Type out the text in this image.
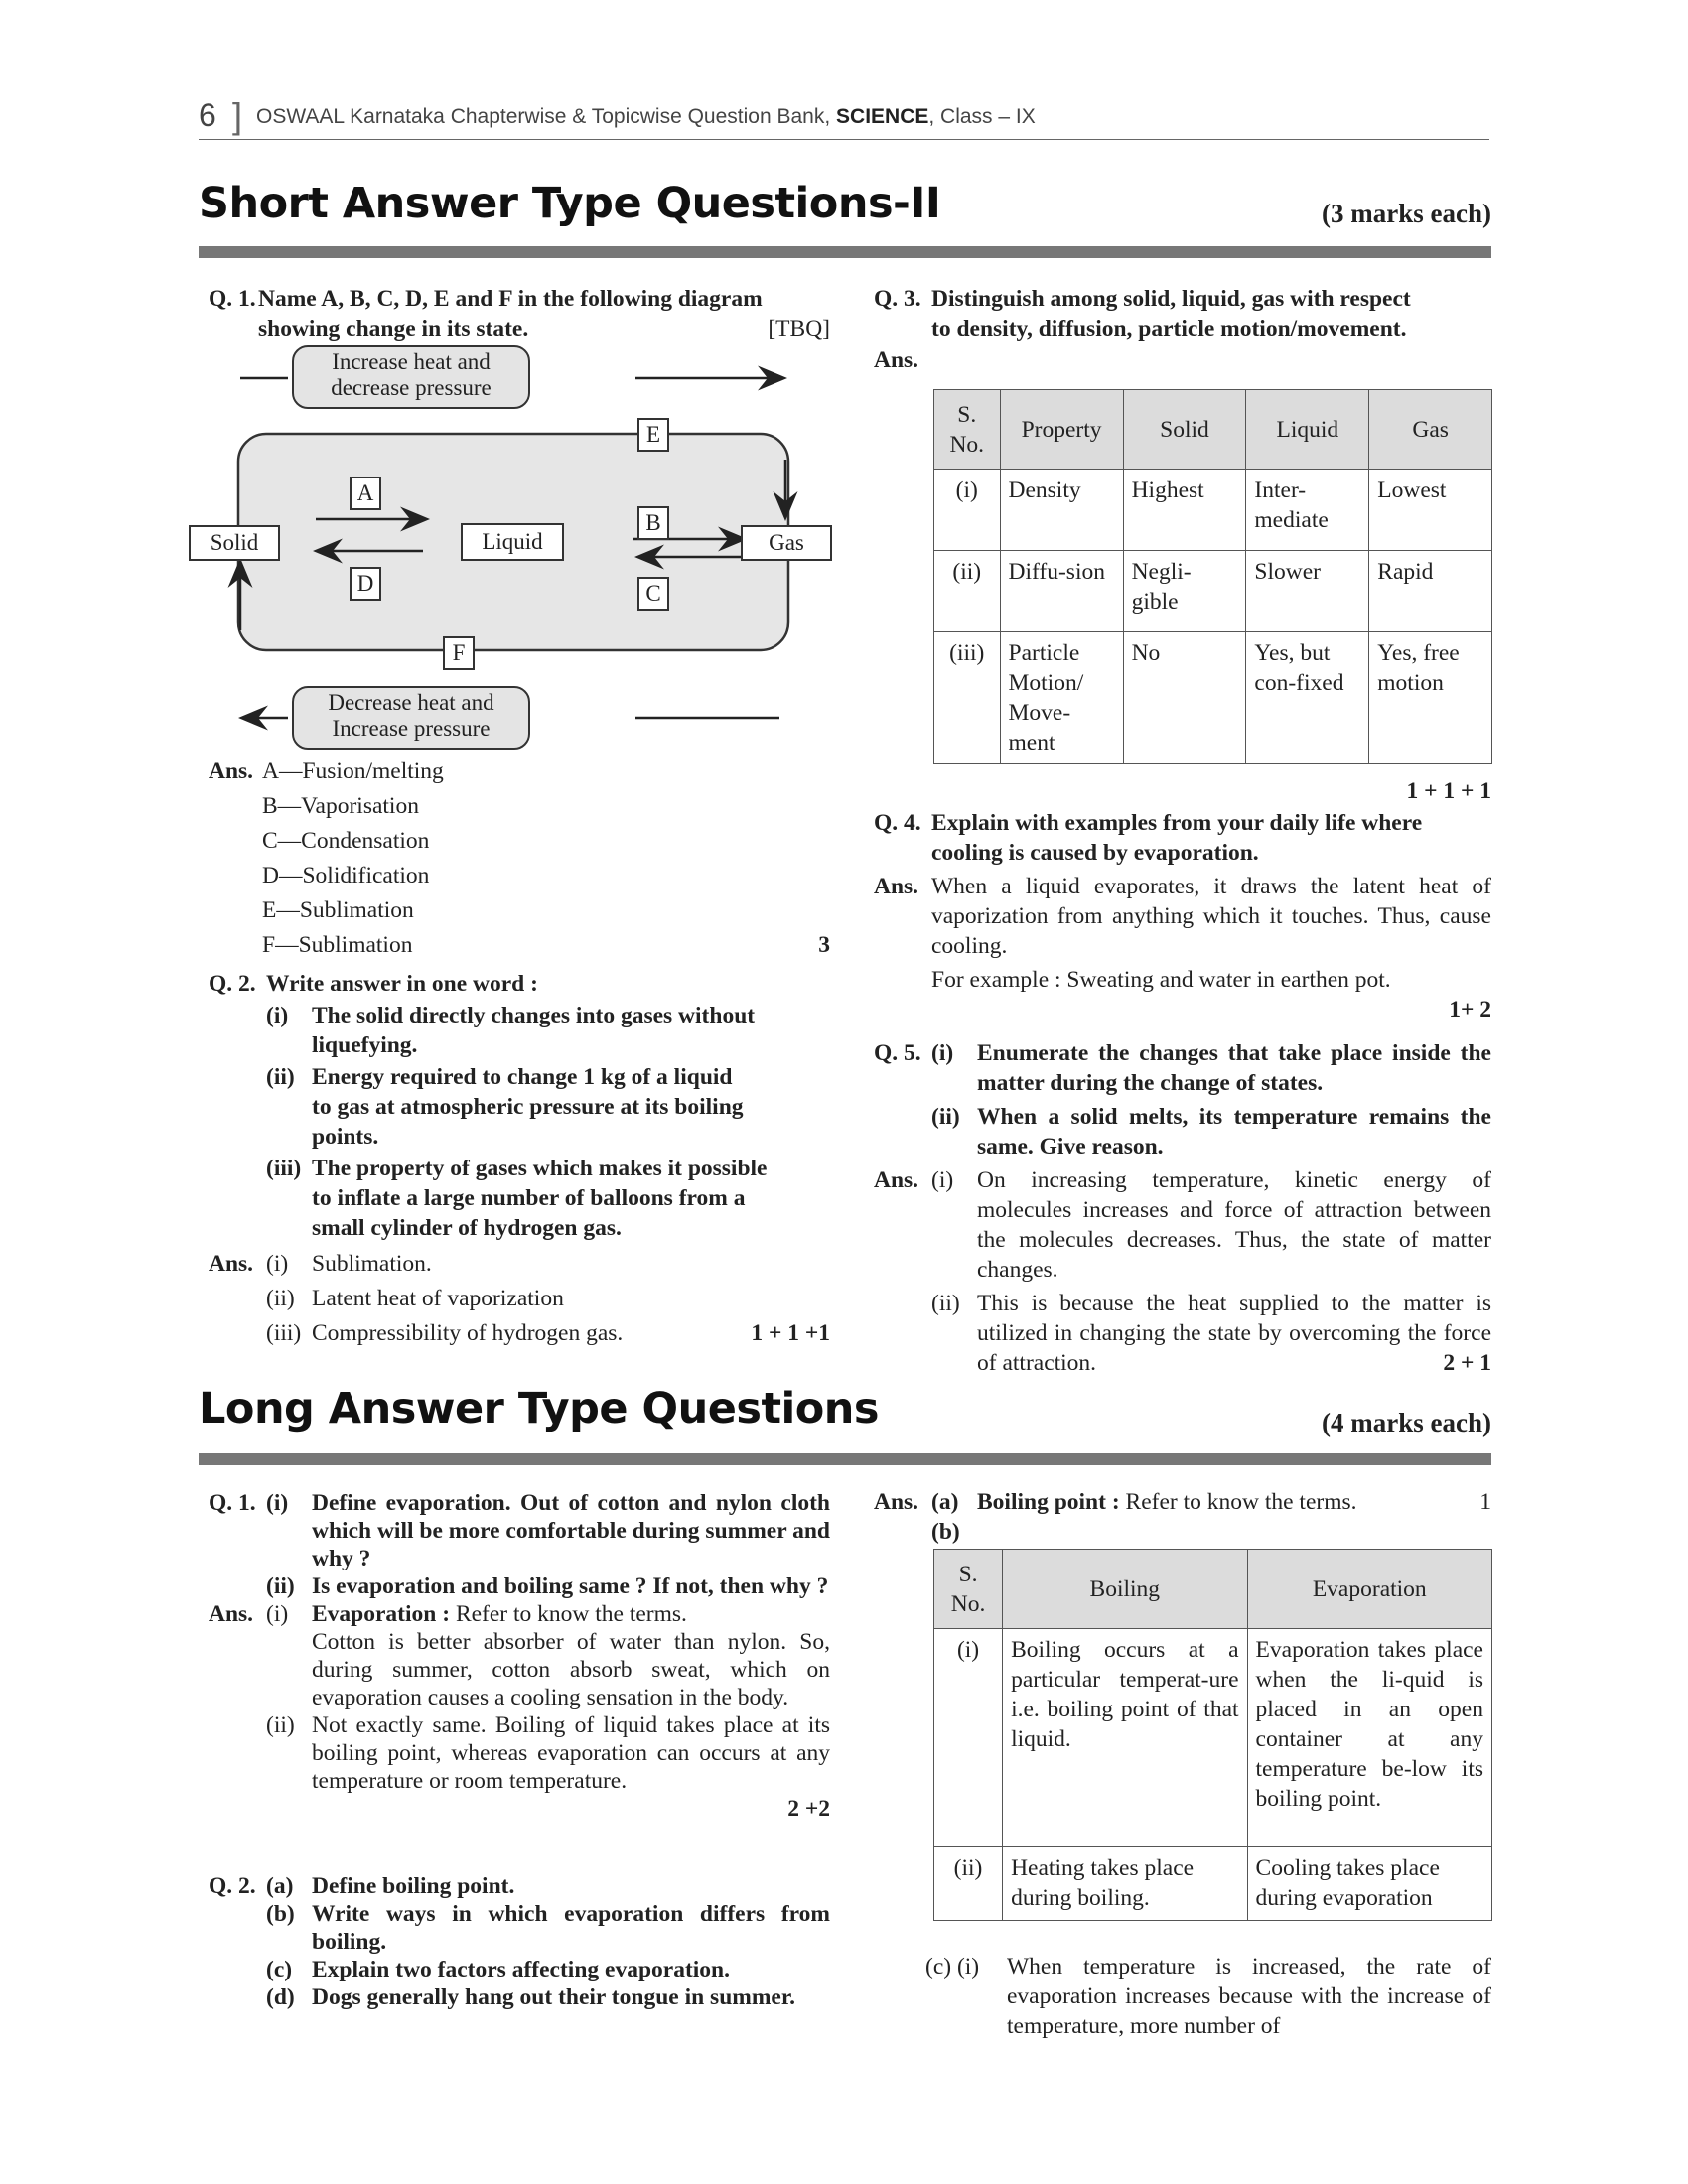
6 ] OSWAAL Karnataka Chapterwise & Topicwise Question Bank, SCIENCE, Class – IX
Short Answer Type Questions-II	(3 marks each)
Q. 1. Name A, B, C, D, E and F in the following diagram
showing change in its state.	[TBQ]
Increase heat and
decrease pressure
Decrease heat and
Increase pressure
Solid	Liquid	Gas
A
D
B
C
E
F
Ans. A—Fusion/melting
B—Vaporisation
C—Condensation
D—Solidification
E—Sublimation
F—Sublimation	3
Q. 2. Write answer in one word :
(i)	The solid directly changes into gases without
liquefying.
(ii) Energy required to change 1 kg of a liquid
to gas at atmospheric pressure at its boiling
points.
(iii) The property of gases which makes it possible
to inflate a large number of balloons from a
small cylinder of hydrogen gas.
Ans. (i)	Sublimation.
(ii) Latent heat of vaporization
(iii) Compressibility of hydrogen gas.	1 + 1 +1
Q. 3. Distinguish among solid, liquid, gas with respect
to density, diffusion, particle motion/movement.
Ans.
S. No.	Property	Solid	Liquid	Gas
(i)	Density	Highest	Inter-mediate	Lowest
(ii)	Diffu-sion	Negli-gible	Slower	Rapid
(iii)	Particle Motion/ Move-ment	No	Yes, but con-fixed	Yes, free motion
1 + 1 + 1
Q. 4. Explain with examples from your daily life where
cooling is caused by evaporation.
Ans. When a liquid evaporates, it draws the latent heat of vaporization from anything which it touches. Thus, cause cooling.
For example : Sweating and water in earthen pot.
1+ 2
Q. 5. (i)	Enumerate the changes that take place inside the matter during the change of states.
(ii) When a solid melts, its temperature remains the same. Give reason.
Ans. (i)	On increasing temperature, kinetic energy of molecules increases and force of attraction between the molecules decreases. Thus, the state of matter changes.
(ii) This is because the heat supplied to the matter is utilized in changing the state by overcoming the force of attraction.	2 + 1
Long Answer Type Questions	(4 marks each)
Q. 1. (i)	Define evaporation. Out of cotton and nylon cloth which will be more comfortable during summer and why ?
(ii) Is evaporation and boiling same ? If not, then why ?
Ans. (i)	Evaporation : Refer to know the terms.
Cotton is better absorber of water than nylon. So, during summer, cotton absorb sweat, which on evaporation causes a cooling sensation in the body.
(ii) Not exactly same. Boiling of liquid takes place at its boiling point, whereas evaporation can occurs at any temperature or room temperature.
2 +2
Q. 2. (a) Define boiling point.
(b) Write ways in which evaporation differs from boiling.
(c) Explain two factors affecting evaporation.
(d) Dogs generally hang out their tongue in summer.
Ans. (a) Boiling point : Refer to know the terms.	1
(b)
S. No.	Boiling	Evaporation
(i)	Boiling occurs at a particular temperat-ure i.e. boiling point of that liquid.	Evaporation takes place when the li-quid is placed in an open container at any temperature be-low its boiling point.
(ii)	Heating takes place during boiling.	Cooling takes place during evaporation
(c) (i)	When temperature is increased, the rate of evaporation increases because with the increase of temperature, more number of
